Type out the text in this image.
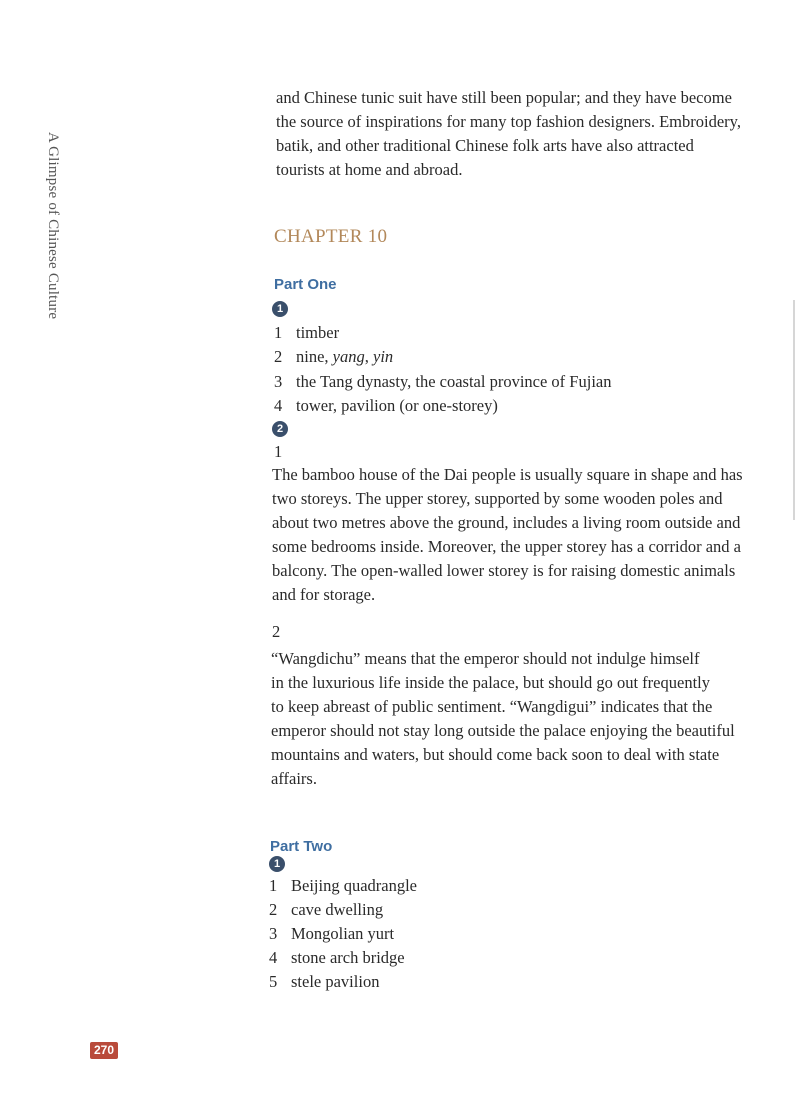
A Glimpse of Chinese Culture
and Chinese tunic suit have still been popular; and they have become
the source of inspirations for many top fashion designers. Embroidery,
batik, and other traditional Chinese folk arts have also attracted
tourists at home and abroad.
CHAPTER 10
Part One
1
1 timber
2 nine, yang, yin
3 the Tang dynasty, the coastal province of Fujian
4 tower, pavilion (or one-storey)
2
1
The bamboo house of the Dai people is usually square in shape and has
two storeys. The upper storey, supported by some wooden poles and
about two metres above the ground, includes a living room outside and
some bedrooms inside. Moreover, the upper storey has a corridor and a
balcony. The open-walled lower storey is for raising domestic animals
and for storage.
2
“Wangdichu” means that the emperor should not indulge himself
in the luxurious life inside the palace, but should go out frequently
to keep abreast of public sentiment. “Wangdigui” indicates that the
emperor should not stay long outside the palace enjoying the beautiful
mountains and waters, but should come back soon to deal with state
affairs.
Part Two
1
1 Beijing quadrangle
2 cave dwelling
3 Mongolian yurt
4 stone arch bridge
5 stele pavilion
270
